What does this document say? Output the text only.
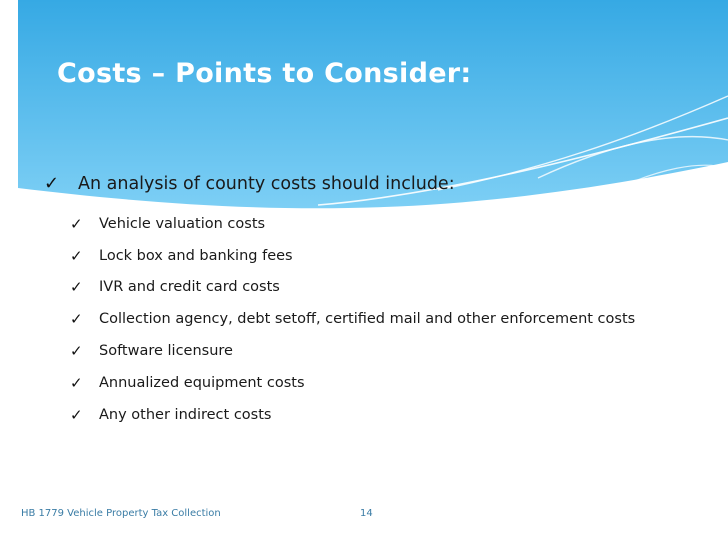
Costs – Points to Consider:
✓ An analysis of county costs should include:
✓	Vehicle valuation costs
✓	Lock box and banking fees
✓	IVR and credit card costs
✓	Collection agency, debt setoff, certified mail and other enforcement costs
✓	Software licensure
✓	Annualized equipment costs
✓	Any other indirect costs
HB 1779 Vehicle Property Tax Collection	14
